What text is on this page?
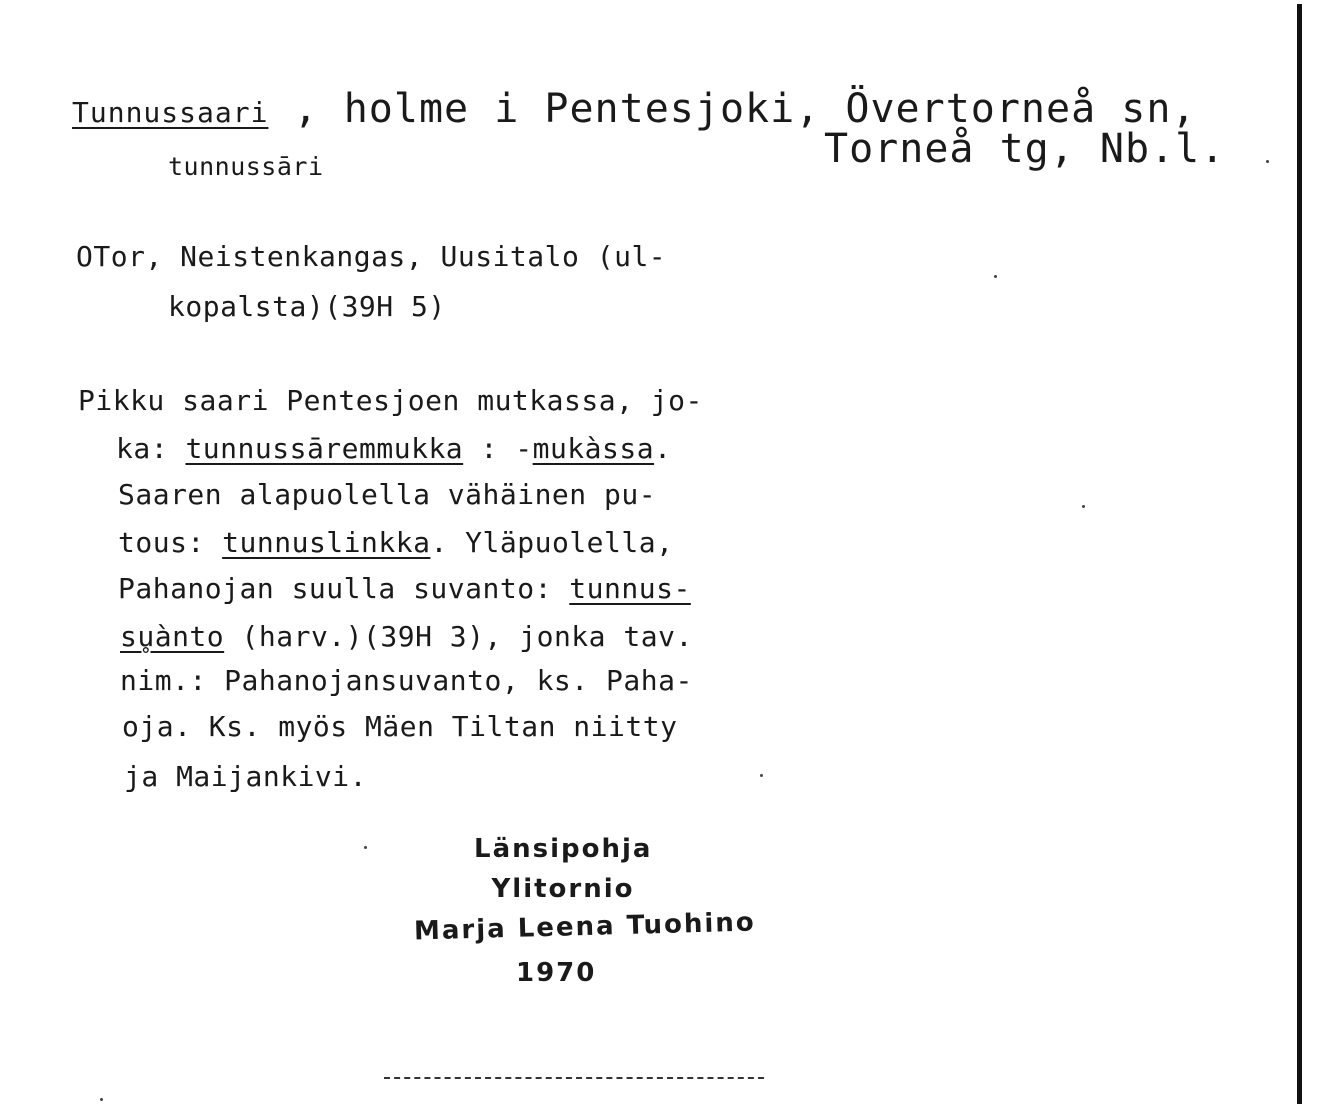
Tunnussaari , holme i Pentesjoki, Övertorneå sn,
Torneå tg, Nb.l.
tunnussāri
OTor, Neistenkangas, Uusitalo (ul-
kopalsta)(39H 5)
Pikku saari Pentesjoen mutkassa, jo-
ka: tunnussāremmukka : -mukàssa.
Saaren alapuolella vähäinen pu-
tous: tunnuslinkka. Yläpuolella,
Pahanojan suulla suvanto: tunnus-
su̥ànto (harv.)(39H 3), jonka tav.
nim.: Pahanojansuvanto, ks. Paha-
oja. Ks. myös Mäen Tiltan niitty
ja Maijankivi.
Länsipohja
Ylitornio
Marja Leena Tuohino
1970
